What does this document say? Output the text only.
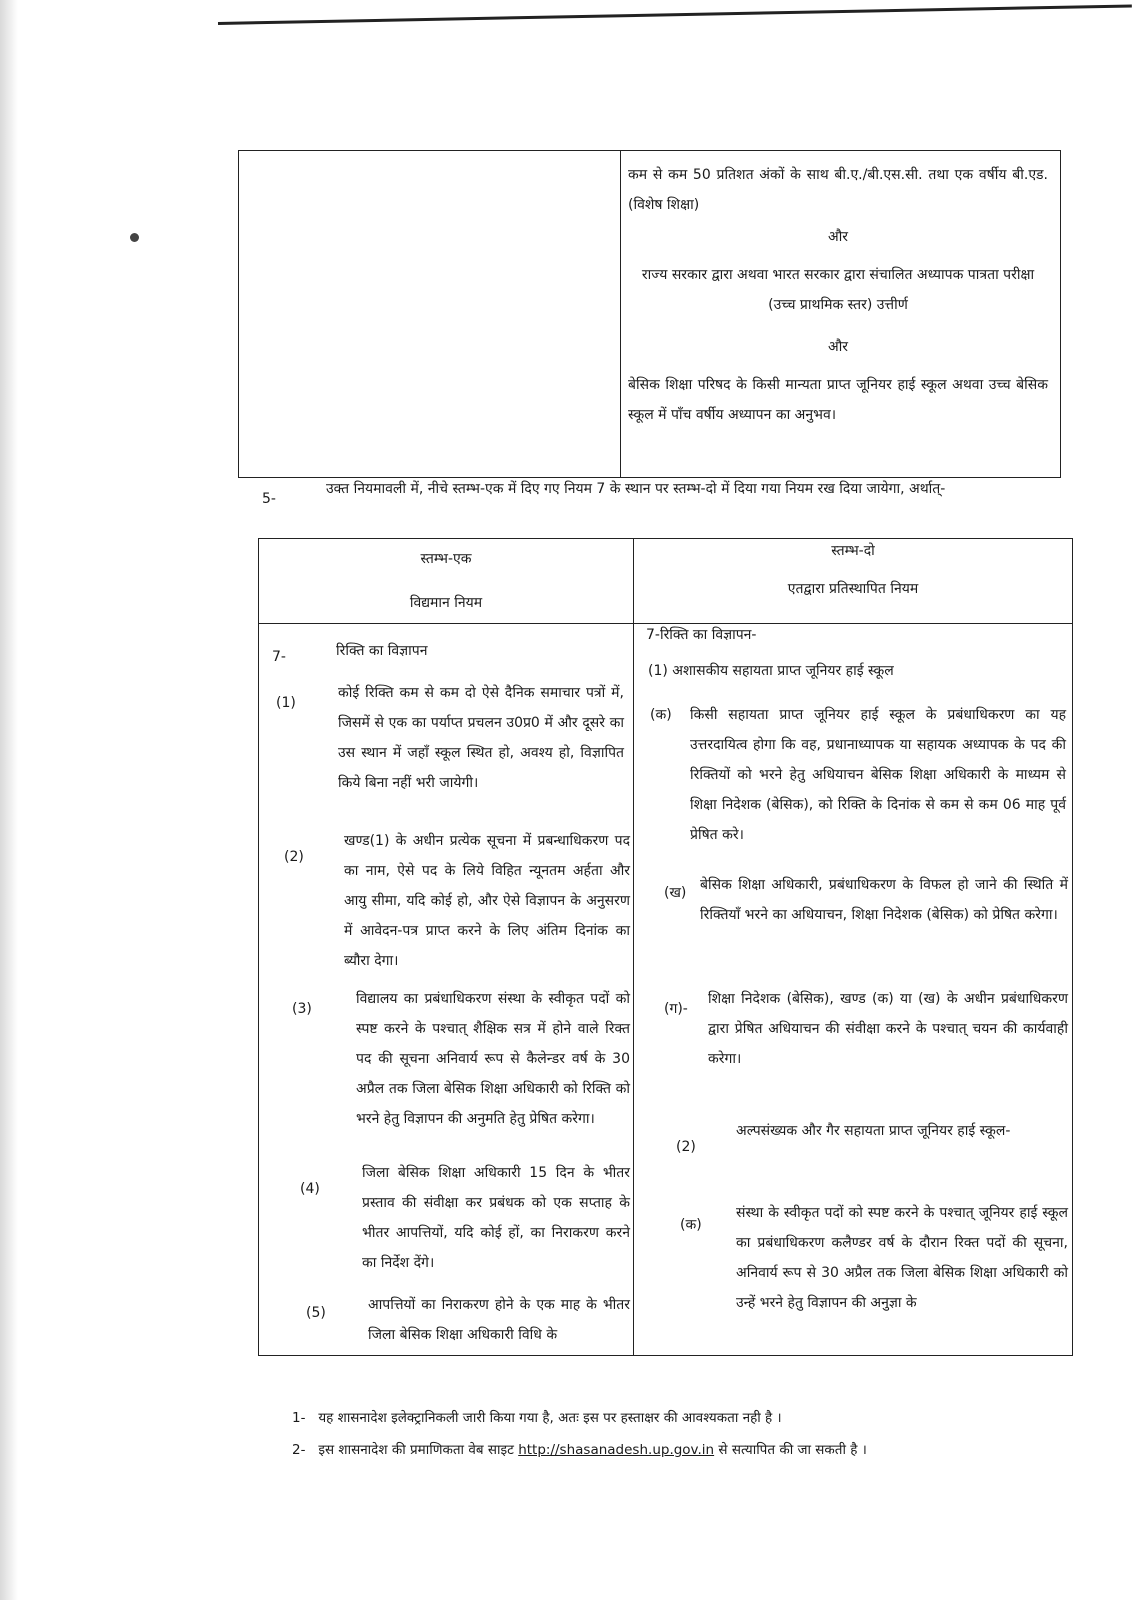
कम से कम 50 प्रतिशत अंकों के साथ बी.ए./बी.एस.सी. तथा एक वर्षीय बी.एड. (विशेष शिक्षा)
और
राज्य सरकार द्वारा अथवा भारत सरकार द्वारा संचालित अध्यापक पात्रता परीक्षा (उच्च प्राथमिक स्तर) उत्तीर्ण
और
बेसिक शिक्षा परिषद के किसी मान्यता प्राप्त जूनियर हाई स्कूल अथवा उच्च बेसिक स्कूल में पाँच वर्षीय अध्यापन का अनुभव।
5-
उक्त नियमावली में, नीचे स्तम्भ-एक में दिए गए नियम 7 के स्थान पर स्तम्भ-दो में दिया गया नियम रख दिया जायेगा, अर्थात्-
स्तम्भ-एक
विद्यमान नियम
स्तम्भ-दो
एतद्वारा प्रतिस्थापित नियम
7-	रिक्ति का विज्ञापन
(1)
कोई रिक्ति कम से कम दो ऐसे दैनिक समाचार पत्रों में, जिसमें से एक का पर्याप्त प्रचलन उ0प्र0 में और दूसरे का उस स्थान में जहाँ स्कूल स्थित हो, अवश्य हो, विज्ञापित किये बिना नहीं भरी जायेगी।
(2)
खण्ड(1) के अधीन प्रत्येक सूचना में प्रबन्धाधिकरण पद का नाम, ऐसे पद के लिये विहित न्यूनतम अर्हता और आयु सीमा, यदि कोई हो, और ऐसे विज्ञापन के अनुसरण में आवेदन-पत्र प्राप्त करने के लिए अंतिम दिनांक का ब्यौरा देगा।
(3)
विद्यालय का प्रबंधाधिकरण संस्था के स्वीकृत पदों को स्पष्ट करने के पश्चात् शैक्षिक सत्र में होने वाले रिक्त पद की सूचना अनिवार्य रूप से कैलेन्डर वर्ष के 30 अप्रैल तक जिला बेसिक शिक्षा अधिकारी को रिक्ति को भरने हेतु विज्ञापन की अनुमति हेतु प्रेषित करेगा।
(4)
जिला बेसिक शिक्षा अधिकारी 15 दिन के भीतर प्रस्ताव की संवीक्षा कर प्रबंधक को एक सप्ताह के भीतर आपत्तियों, यदि कोई हों, का निराकरण करने का निर्देश देंगे।
(5)	आपत्तियों का निराकरण होने के एक माह के भीतर जिला बेसिक शिक्षा अधिकारी विधि के
7-रिक्ति का विज्ञापन-
(1) अशासकीय सहायता प्राप्त जूनियर हाई स्कूल
(क) किसी सहायता प्राप्त जूनियर हाई स्कूल के प्रबंधाधिकरण का यह उत्तरदायित्व होगा कि वह, प्रधानाध्यापक या सहायक अध्यापक के पद की रिक्तियों को भरने हेतु अधियाचन बेसिक शिक्षा अधिकारी के माध्यम से शिक्षा निदेशक (बेसिक), को रिक्ति के दिनांक से कम से कम 06 माह पूर्व प्रेषित करे।
(ख) बेसिक शिक्षा अधिकारी, प्रबंधाधिकरण के विफल हो जाने की स्थिति में रिक्तियाँ भरने का अधियाचन, शिक्षा निदेशक (बेसिक) को प्रेषित करेगा।
(ग)-
शिक्षा निदेशक (बेसिक), खण्ड (क) या (ख) के अधीन प्रबंधाधिकरण द्वारा प्रेषित अधियाचन की संवीक्षा करने के पश्चात् चयन की कार्यवाही करेगा।
(2)
अल्पसंख्यक और गैर सहायता प्राप्त जूनियर हाई स्कूल-
(क)
संस्था के स्वीकृत पदों को स्पष्ट करने के पश्चात् जूनियर हाई स्कूल का प्रबंधाधिकरण कलैण्डर वर्ष के दौरान रिक्त पदों की सूचना, अनिवार्य रूप से 30 अप्रैल तक जिला बेसिक शिक्षा अधिकारी को उन्हें भरने हेतु विज्ञापन की अनुज्ञा के
1- यह शासनादेश इलेक्ट्रानिकली जारी किया गया है, अतः इस पर हस्ताक्षर की आवश्यकता नही है ।
2- इस शासनादेश की प्रमाणिकता वेब साइट http://shasanadesh.up.gov.in से सत्यापित की जा सकती है ।
